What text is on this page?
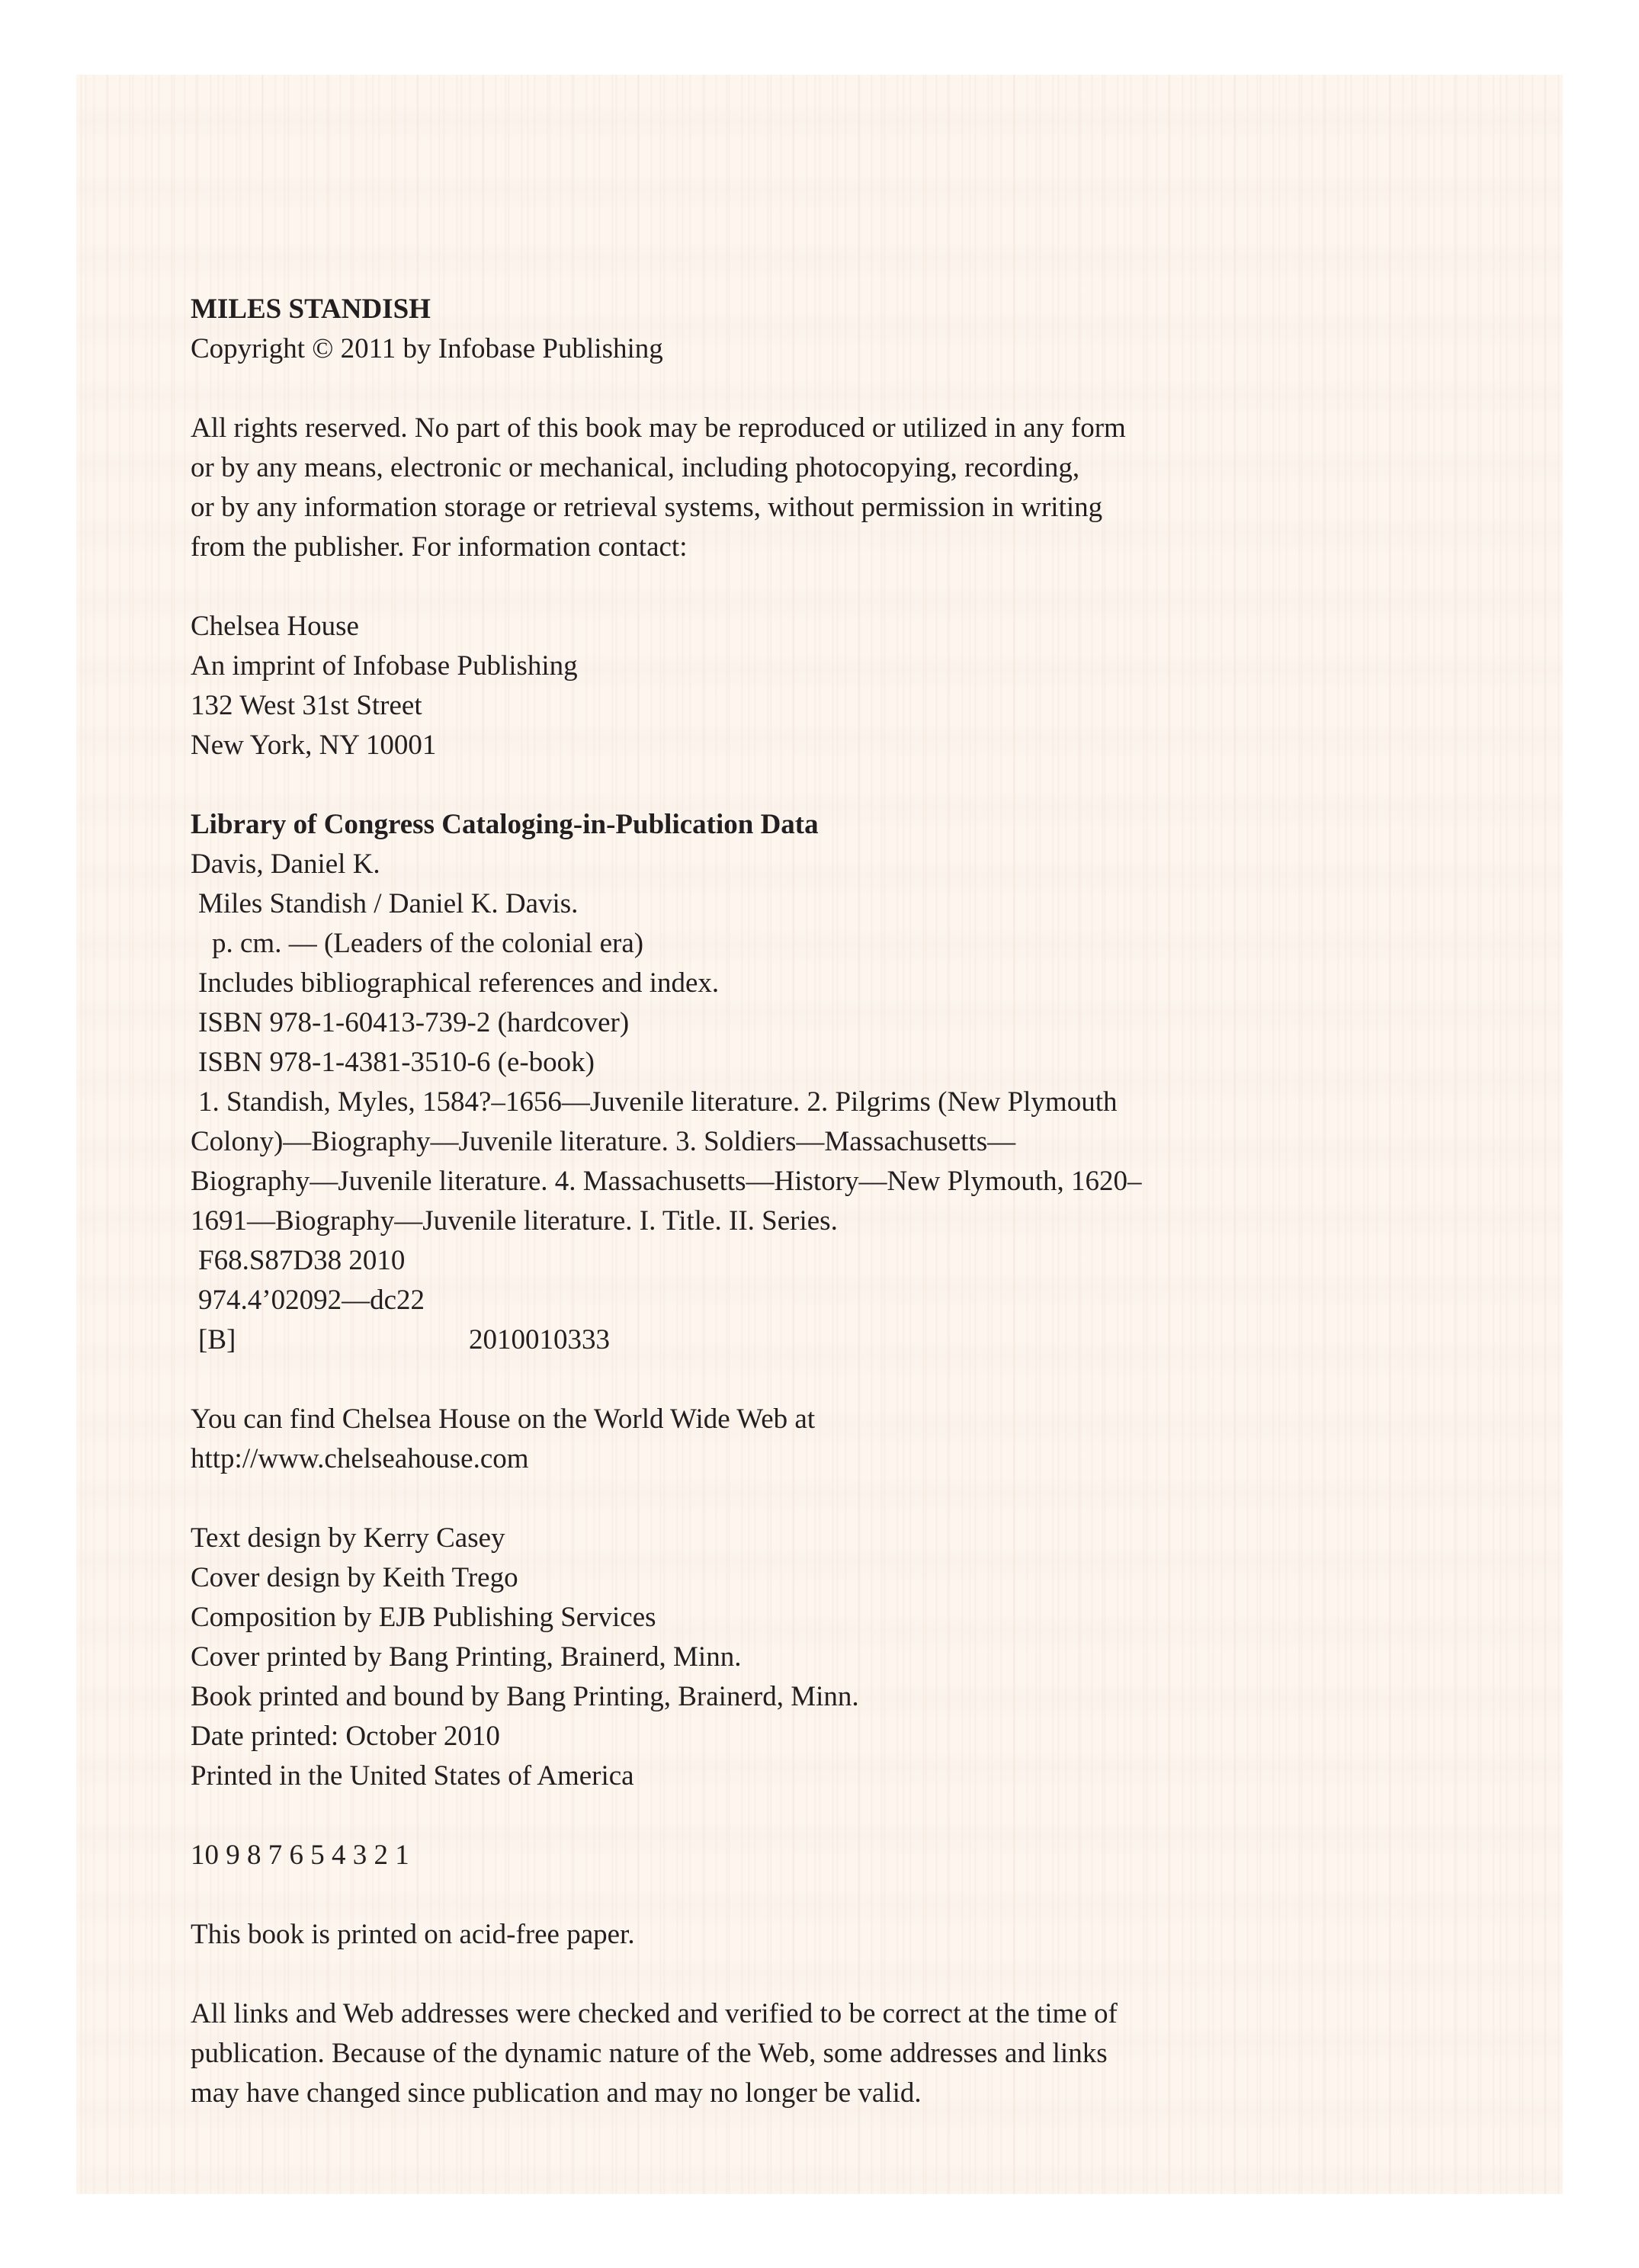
MILES STANDISH
Copyright © 2011 by Infobase Publishing
All rights reserved. No part of this book may be reproduced or utilized in any form
or by any means, electronic or mechanical, including photocopying, recording,
or by any information storage or retrieval systems, without permission in writing
from the publisher. For information contact:
Chelsea House
An imprint of Infobase Publishing
132 West 31st Street
New York, NY 10001
Library of Congress Cataloging-in-Publication Data
Davis, Daniel K.
Miles Standish / Daniel K. Davis.
p. cm. — (Leaders of the colonial era)
Includes bibliographical references and index.
ISBN 978-1-60413-739-2 (hardcover)
ISBN 978-1-4381-3510-6 (e-book)
1. Standish, Myles, 1584?–1656—Juvenile literature. 2. Pilgrims (New Plymouth
Colony)—Biography—Juvenile literature. 3. Soldiers—Massachusetts—
Biography—Juvenile literature. 4. Massachusetts—History—New Plymouth, 1620–
1691—Biography—Juvenile literature. I. Title. II. Series.
F68.S87D38 2010
974.4’02092—dc22
[B]	2010010333
You can find Chelsea House on the World Wide Web at
http://www.chelseahouse.com
Text design by Kerry Casey
Cover design by Keith Trego
Composition by EJB Publishing Services
Cover printed by Bang Printing, Brainerd, Minn.
Book printed and bound by Bang Printing, Brainerd, Minn.
Date printed: October 2010
Printed in the United States of America
10 9 8 7 6 5 4 3 2 1
This book is printed on acid-free paper.
All links and Web addresses were checked and verified to be correct at the time of
publication. Because of the dynamic nature of the Web, some addresses and links
may have changed since publication and may no longer be valid.
